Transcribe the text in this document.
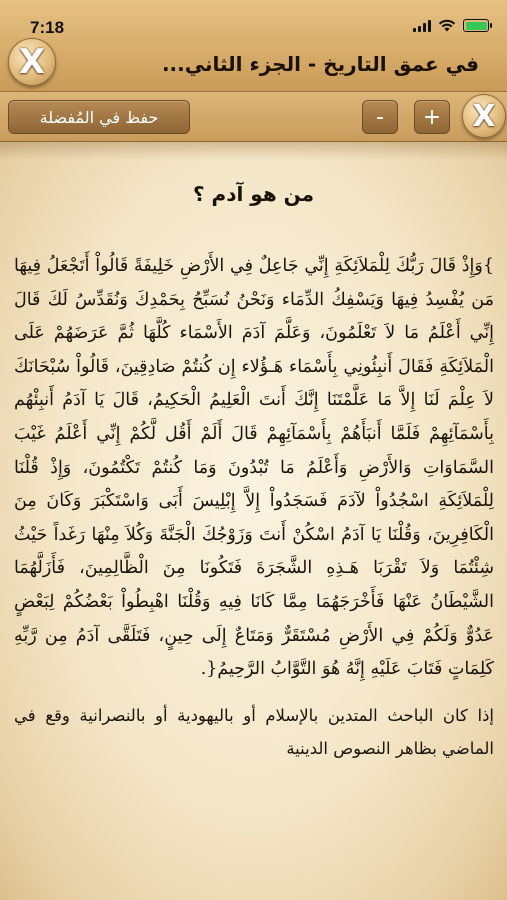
7:18
X	في عمق التاريخ - الجزء الثاني...
حفظ في المُفضلة	-	+ X
من هو آدم ؟

}وَإِذْ قَالَ رَبُّكَ لِلْمَلاَئِكَةِ إِنِّي جَاعِلٌ فِي الأَرْضِ خَلِيفَةً قَالُواْ أَتَجْعَلُ فِيهَا مَن يُفْسِدُ فِيهَا وَيَسْفِكُ الدِّمَاء وَنَحْنُ نُسَبِّحُ بِحَمْدِكَ وَنُقَدِّسُ لَكَ قَالَ إِنِّي أَعْلَمُ مَا لاَ تَعْلَمُونَ، وَعَلَّمَ آدَمَ الأَسْمَاء كُلَّهَا ثُمَّ عَرَضَهُمْ عَلَى الْمَلاَئِكَةِ فَقَالَ أَنبِئُونِي بِأَسْمَاء هَـؤُلاء إِن كُنتُمْ صَادِقِينَ، قَالُواْ سُبْحَانَكَ لاَ عِلْمَ لَنَا إِلاَّ مَا عَلَّمْتَنَا إِنَّكَ أَنتَ الْعَلِيمُ الْحَكِيمُ، قَالَ يَا آدَمُ أَنبِئْهُم بِأَسْمَآئِهِمْ فَلَمَّا أَنبَأَهُمْ بِأَسْمَآئِهِمْ قَالَ أَلَمْ أَقُل لَّكُمْ إِنِّي أَعْلَمُ غَيْبَ السَّمَاوَاتِ وَالأَرْضِ وَأَعْلَمُ مَا تُبْدُونَ وَمَا كُنتُمْ تَكْتُمُونَ، وَإِذْ قُلْنَا لِلْمَلاَئِكَةِ اسْجُدُواْ لآدَمَ فَسَجَدُواْ إِلاَّ إِبْلِيسَ أَبَى وَاسْتَكْبَرَ وَكَانَ مِنَ الْكَافِرِينَ، وَقُلْنَا يَا آدَمُ اسْكُنْ أَنتَ وَزَوْجُكَ الْجَنَّةَ وَكُلاَ مِنْهَا رَغَداً حَيْثُ شِئْتُمَا وَلاَ تَقْرَبَا هَـذِهِ الشَّجَرَةَ فَتَكُونَا مِنَ الْظَّالِمِينَ، فَأَزَلَّهُمَا الشَّيْطَانُ عَنْهَا فَأَخْرَجَهُمَا مِمَّا كَانَا فِيهِ وَقُلْنَا اهْبِطُواْ بَعْضُكُمْ لِبَعْضٍ عَدُوٌّ وَلَكُمْ فِي الأَرْضِ مُسْتَقَرٌّ وَمَتَاعٌ إِلَى حِينٍ، فَتَلَقَّى آدَمُ مِن رَّبِّهِ كَلِمَاتٍ فَتَابَ عَلَيْهِ إِنَّهُ هُوَ التَّوَّابُ الرَّحِيمُ{.

إذا كان الباحث المتدين بالإسلام أو باليهودية أو بالنصرانية وقع في الماضي بظاهر النصوص الدينية
